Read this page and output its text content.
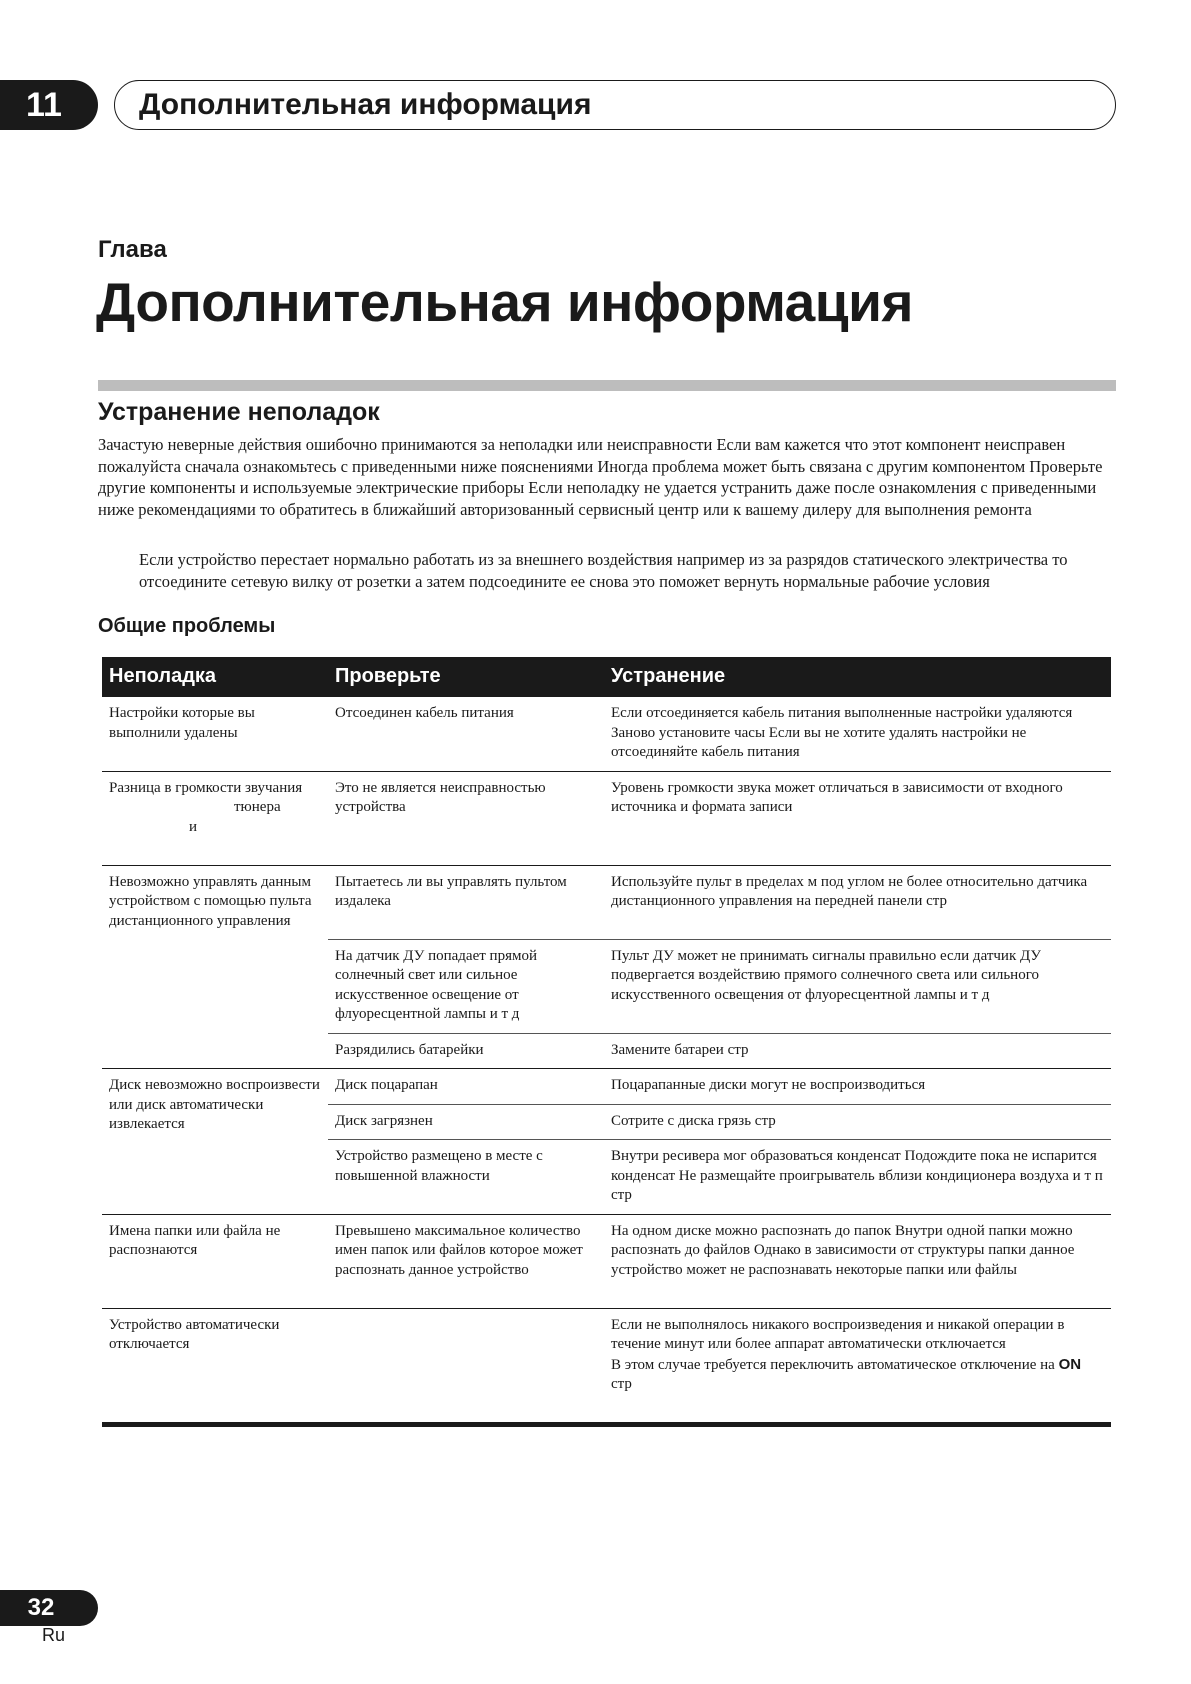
11	Дополнительная информация
Глава
Дополнительная информация
Устранение неполадок

Зачастую неверные действия ошибочно принимаются за неполадки или неисправности Если вам кажется что этот компонент неисправен пожалуйста сначала ознакомьтесь с приведенными ниже пояснениями Иногда проблема может быть связана с другим компонентом Проверьте другие компоненты и используемые электрические приборы Если неполадку не удается устранить даже после ознакомления с приведенными ниже рекомендациями то обратитесь в ближайший авторизованный сервисный центр или к вашему дилеру для выполнения ремонта

Если устройство перестает нормально работать из за внешнего воздействия например из за разрядов статического электричества то отсоедините сетевую вилку от розетки а затем подсоедините ее снова это поможет вернуть нормальные рабочие условия

Общие проблемы
Неполадка	Проверьте	Устранение
Настройки которые вы выполнили удалены	Отсоединен кабель питания	Если отсоединяется кабель питания выполненные настройки удаляются Заново установите часы Если вы не хотите удалять настройки не отсоединяйте кабель питания
Разница в громкости звучания
тюнера
и	Это не является неисправностью устройства	Уровень громкости звука может отличаться в зависимости от входного источника и формата записи
Невозможно управлять данным устройством с помощью пульта дистанционного управления	Пытаетесь ли вы управлять пультом издалека	Используйте пульт в пределах м под углом не более относительно датчика дистанционного управления на передней панели стр
	На датчик ДУ попадает прямой солнечный свет или сильное искусственное освещение от флуоресцентной лампы и т д	Пульт ДУ может не принимать сигналы правильно если датчик ДУ подвергается воздействию прямого солнечного света или сильного искусственного освещения от флуоресцентной лампы и т д
	Разрядились батарейки	Замените батареи стр
Диск невозможно воспроизвести или диск автоматически извлекается	Диск поцарапан	Поцарапанные диски могут не воспроизводиться
	Диск загрязнен	Сотрите с диска грязь стр
	Устройство размещено в месте с повышенной влажности	Внутри ресивера мог образоваться конденсат Подождите пока не испарится конденсат Не размещайте проигрыватель вблизи кондиционера воздуха и т п стр
Имена папки или файла не распознаются	Превышено максимальное количество имен папок или файлов которое может распознать данное устройство	На одном диске можно распознать до папок Внутри одной папки можно распознать до файлов Однако в зависимости от структуры папки данное устройство может не распознавать некоторые папки или файлы
Устройство автоматически отключается		Если не выполнялось никакого воспроизведения и никакой операции в течение минут или более аппарат автоматически отключается
В этом случае требуется переключить автоматическое отключение на ON стр
32
Ru
